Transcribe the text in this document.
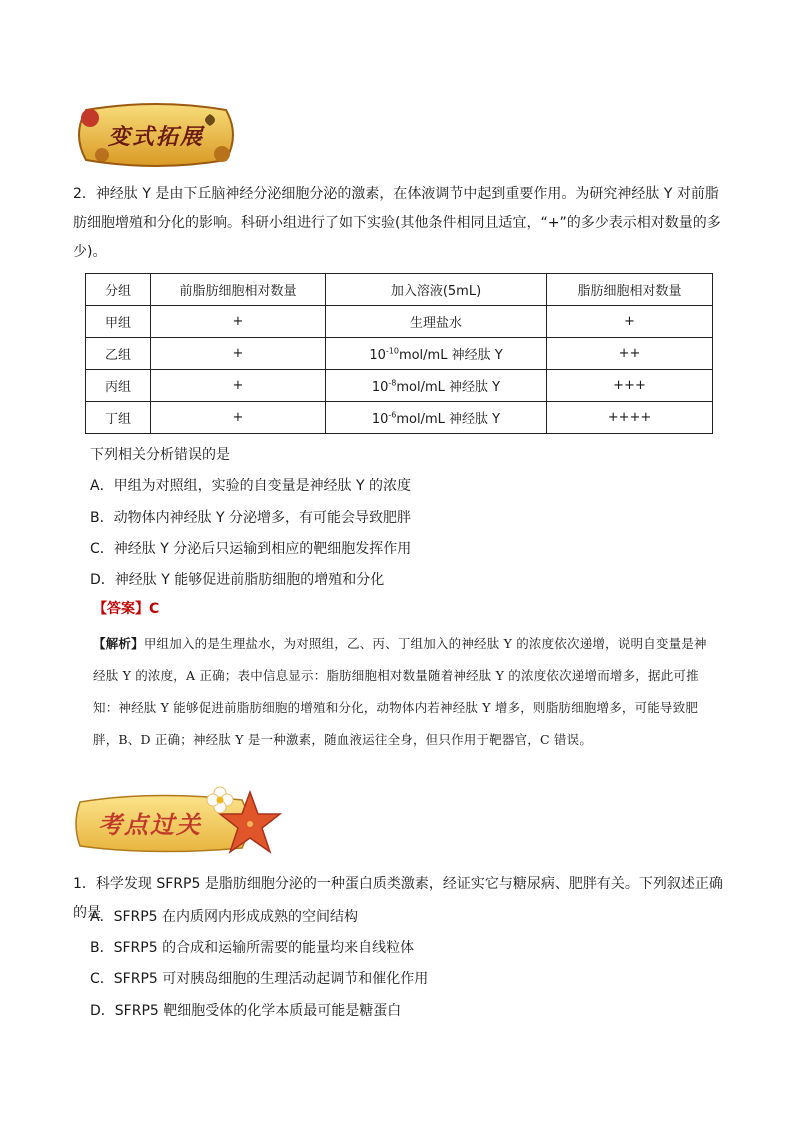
变式拓展
2．神经肽 Y 是由下丘脑神经分泌细胞分泌的激素，在体液调节中起到重要作用。为研究神经肽 Y 对前脂肪细胞增殖和分化的影响。科研小组进行了如下实验(其他条件相同且适宜，“+”的多少表示相对数量的多少)。
分组	前脂肪细胞相对数量	加入溶液(5mL)	脂肪细胞相对数量
甲组	+	生理盐水	+
乙组	+	$10^{-10}mol/mL$ 神经肽 Y	++
丙组	+	$10^{-8}mol/mL$ 神经肽 Y	+++
丁组	+	$10^{-6}mol/mL$ 神经肽 Y	++++
下列相关分析错误的是
A．甲组为对照组，实验的自变量是神经肽 Y 的浓度
B．动物体内神经肽 Y 分泌增多，有可能会导致肥胖
C．神经肽 Y 分泌后只运输到相应的靶细胞发挥作用
D．神经肽 Y 能够促进前脂肪细胞的增殖和分化
【答案】C
【解析】甲组加入的是生理盐水，为对照组，乙、丙、丁组加入的神经肽 Y 的浓度依次递增，说明自变量是神经肽 Y 的浓度，A 正确；表中信息显示：脂肪细胞相对数量随着神经肽 Y 的浓度依次递增而增多，据此可推知：神经肽 Y 能够促进前脂肪细胞的增殖和分化，动物体内若神经肽 Y 增多，则脂肪细胞增多，可能导致肥胖，B、D 正确；神经肽 Y 是一种激素，随血液运往全身，但只作用于靶器官，C 错误。
考点过关
1．科学发现 SFRP5 是脂肪细胞分泌的一种蛋白质类激素，经证实它与糖尿病、肥胖有关。下列叙述正确的是
A．SFRP5 在内质网内形成成熟的空间结构
B．SFRP5 的合成和运输所需要的能量均来自线粒体
C．SFRP5 可对胰岛细胞的生理活动起调节和催化作用
D．SFRP5 靶细胞受体的化学本质最可能是糖蛋白
